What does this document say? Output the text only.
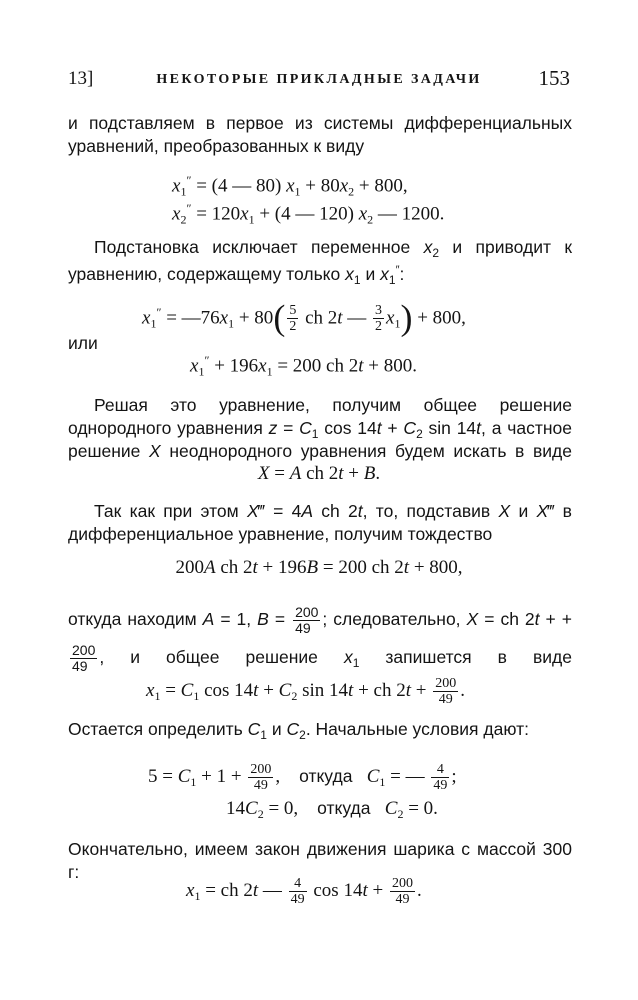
13]	НЕКОТОРЫЕ ПРИКЛАДНЫЕ ЗАДАЧИ	153
и подставляем в первое из системы дифференциальных уравнений, преобразованных к виду
$x_1'' = (4$ — 80) $x_1 + 80x_2 + 800$,
$x_2'' = 120x_1 + (4$ — 120) $x_2$ — 1200.
Подстановка исключает переменное $x_2$ и приводит к уравнению, содержащему только $x_1$ и $x_1''$:
$x_1''$ = $—76x_1 + 80( \frac{5}{2}$ ch 2t — $\frac{3}{2} x_1) + 800$,
или
$x_1'' + 196x_1 = 200$ ch 2t + 800.
Решая это уравнение, получим общее решение однородного уравнения $z = C_1$ $\cos 14t + C_2$ sin 14t, а частное решение X неоднородного уравнения будем искать в виде
X = A ch 2t + B.
Так как при этом X‴ = 4A ch 2t, то, подставив X и X‴ в дифференциальное уравнение, получим тождество
200A ch 2t + 196B = 200 ch 2t + 800,
откуда находим A = 1, $B = \frac{200}{49}$ ; следовательно, X = ch 2t + +
$\frac{200}{49}$ , и общее решение $x_1$ запишется в виде
$x_1 = C_1$ $\cos 14t + C_2$ sin 14t + ch $2t + \frac{200}{49}$ .
Остается определить $C_1$ и $C_2$. Начальные условия дают:
$5 = C_1 + 1 + \frac{200}{49}$ ,    откуда $C_1$ = — $\frac{4}{49}$ ;
$14C_2 = 0$,    откуда $C_2 = 0$.
Окончательно, имеем закон движения шарика с массой 300 г:
$x_1$ = ch 2t — $\frac{4}{49}$ $\cos 14t + \frac{200}{49}$ .
